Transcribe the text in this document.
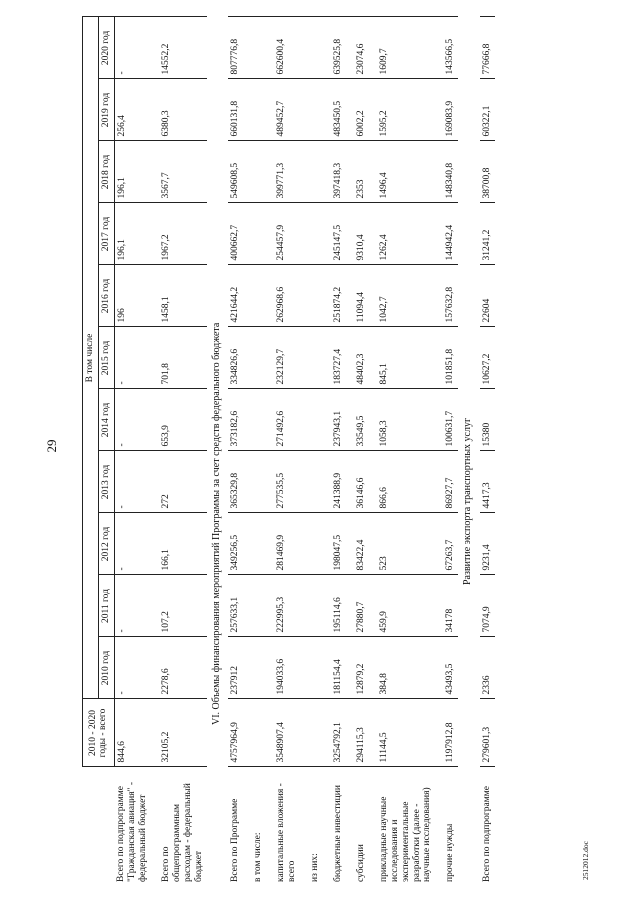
29
2512012.doc
	2010 - 2020 годы - всего	В том числе										
		2010 год	2011 год	2012 год	2013 год	2014 год	2015 год	2016 год	2017 год	2018 год	2019 год	2020 год
Всего по подпрограмме "Гражданская авиация" - федеральный бюджет	844,6	-	-	-	-	-	-	196	196,1	196,1	256,4	-
Всего по общепрограммным расходам - федеральный бюджет	32105,2	2278,6	107,2	166,1	272	653,9	701,8	1458,1	1967,2	3567,7	6380,3	14552,2
VI. Объемы финансирования мероприятий Программы за счет средств федерального бюджета												
Всего по Программе	4757964,9	237912	257633,1	349256,5	365329,8	373182,6	334826,6	421644,2	400662,7	549608,5	660131,8	807776,8
в том числе:												
капитальные вложения - всего	3548907,4	194033,6	222995,3	281469,9	277535,5	271492,6	232129,7	262968,6	254457,9	399771,3	489452,7	662600,4
из них:												
бюджетные инвестиции	3254792,1	181154,4	195114,6	198047,5	241388,9	237943,1	183727,4	251874,2	245147,5	397418,3	483450,5	639525,8
субсидии	294115,3	12879,2	27880,7	83422,4	36146,6	33549,5	48402,3	11094,4	9310,4	2353	6002,2	23074,6
прикладные научные исследования и экспериментальные разработки (далее - научные исследования)	11144,5	384,8	459,9	523	866,6	1058,3	845,1	1042,7	1262,4	1496,4	1595,2	1609,7
прочие нужды	1197912,8	43493,5	34178	67263,7	86927,7	100631,7	101851,8	157632,8	144942,4	148340,8	169083,9	143566,5
Развитие экспорта транспортных услуг												
Всего по подпрограмме	279601,3	2336	7074,9	9231,4	4417,3	15380	10627,2	22604	31241,2	38700,8	60322,1	77666,8
